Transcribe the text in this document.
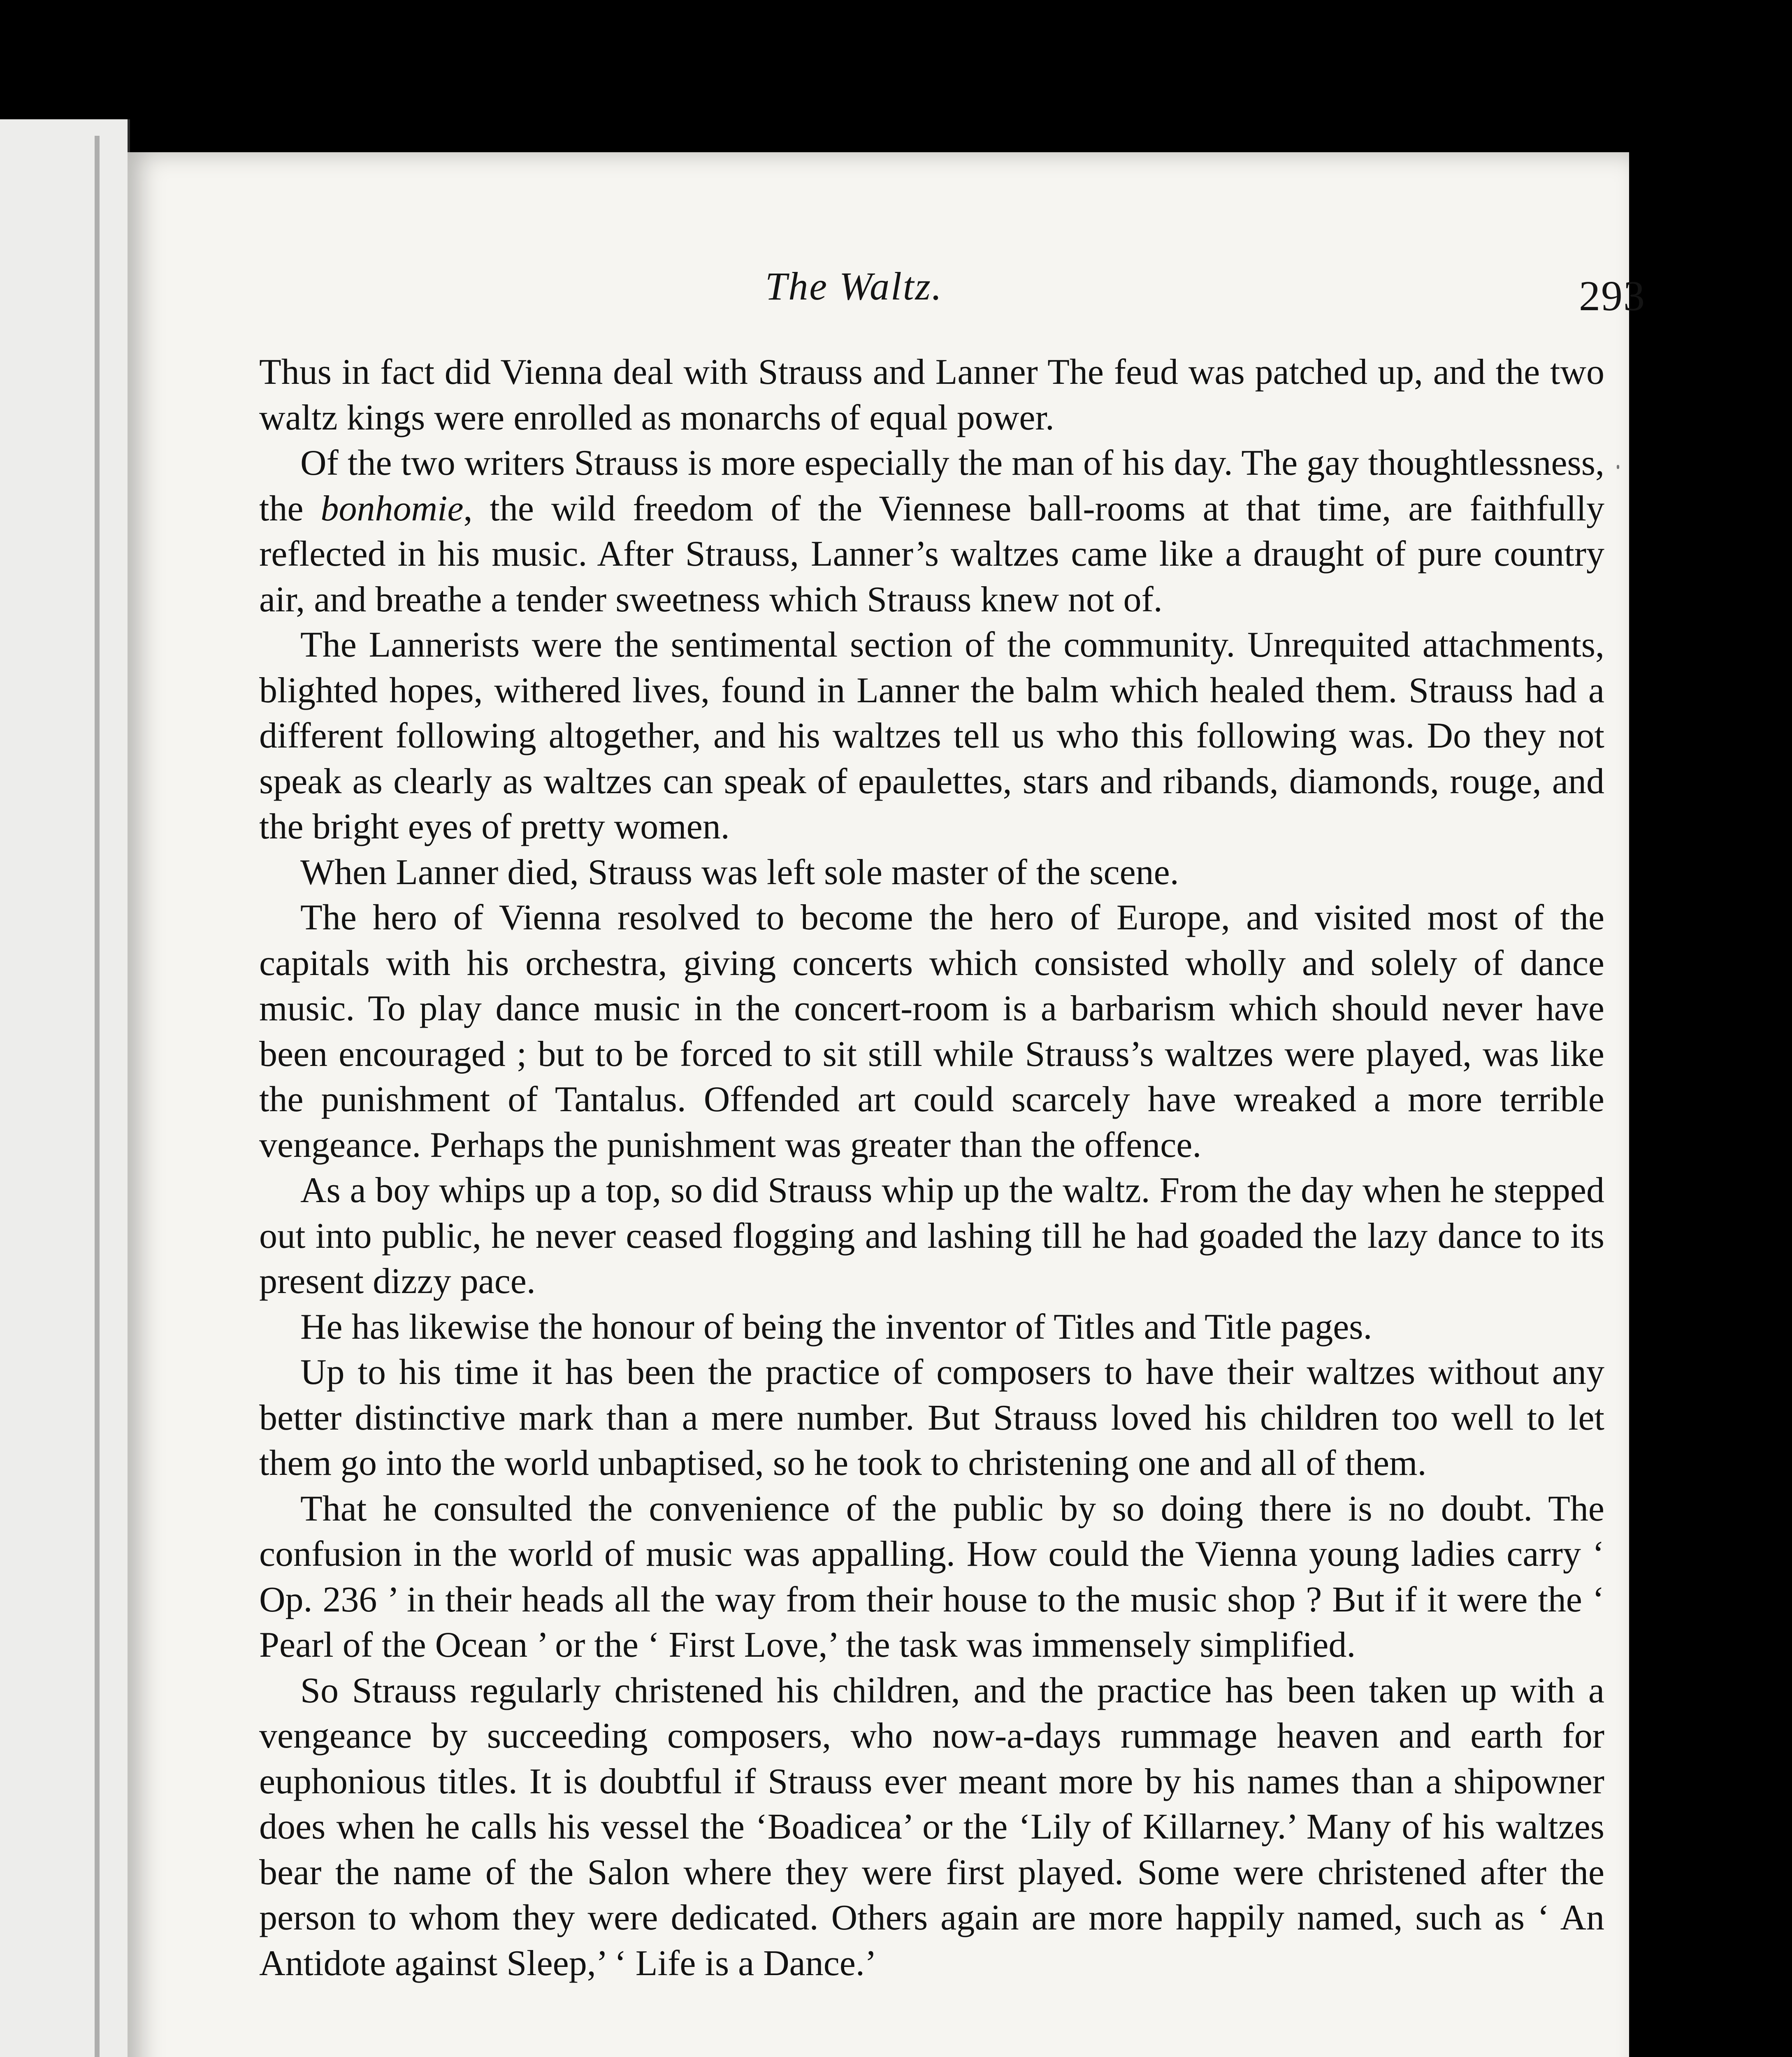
The Waltz.	293

Thus in fact did Vienna deal with Strauss and Lanner The feud was patched up, and the two waltz kings were enrolled as monarchs of equal power.

Of the two writers Strauss is more especially the man of his day. The gay thoughtlessness, the bonhomie, the wild freedom of the Viennese ball-rooms at that time, are faithfully reflected in his music. After Strauss, Lanner’s waltzes came like a draught of pure country air, and breathe a tender sweetness which Strauss knew not of.

The Lannerists were the sentimental section of the community. Unrequited attachments, blighted hopes, withered lives, found in Lanner the balm which healed them. Strauss had a different following altogether, and his waltzes tell us who this following was. Do they not speak as clearly as waltzes can speak of epaulettes, stars and ribands, diamonds, rouge, and the bright eyes of pretty women.

When Lanner died, Strauss was left sole master of the scene.

The hero of Vienna resolved to become the hero of Europe, and visited most of the capitals with his orchestra, giving concerts which consisted wholly and solely of dance music. To play dance music in the concert-room is a barbarism which should never have been encouraged ; but to be forced to sit still while Strauss’s waltzes were played, was like the punishment of Tantalus. Offended art could scarcely have wreaked a more terrible vengeance. Perhaps the punishment was greater than the offence.

As a boy whips up a top, so did Strauss whip up the waltz. From the day when he stepped out into public, he never ceased flogging and lashing till he had goaded the lazy dance to its present dizzy pace.

He has likewise the honour of being the inventor of Titles and Title pages.

Up to his time it has been the practice of composers to have their waltzes without any better distinctive mark than a mere number. But Strauss loved his children too well to let them go into the world unbaptised, so he took to christening one and all of them.

That he consulted the convenience of the public by so doing there is no doubt. The confusion in the world of music was appalling. How could the Vienna young ladies carry ‘ Op. 236 ’ in their heads all the way from their house to the music shop ? But if it were the ‘ Pearl of the Ocean ’ or the ‘ First Love,’ the task was immensely simplified.

So Strauss regularly christened his children, and the practice has been taken up with a vengeance by succeeding composers, who now-a-days rummage heaven and earth for euphonious titles. It is doubtful if Strauss ever meant more by his names than a shipowner does when he calls his vessel the ‘Boadicea’ or the ‘Lily of Killarney.’ Many of his waltzes bear the name of the Salon where they were first played. Some were christened after the person to whom they were dedicated. Others again are more happily named, such as ‘ An Antidote against Sleep,’ ‘ Life is a Dance.’
